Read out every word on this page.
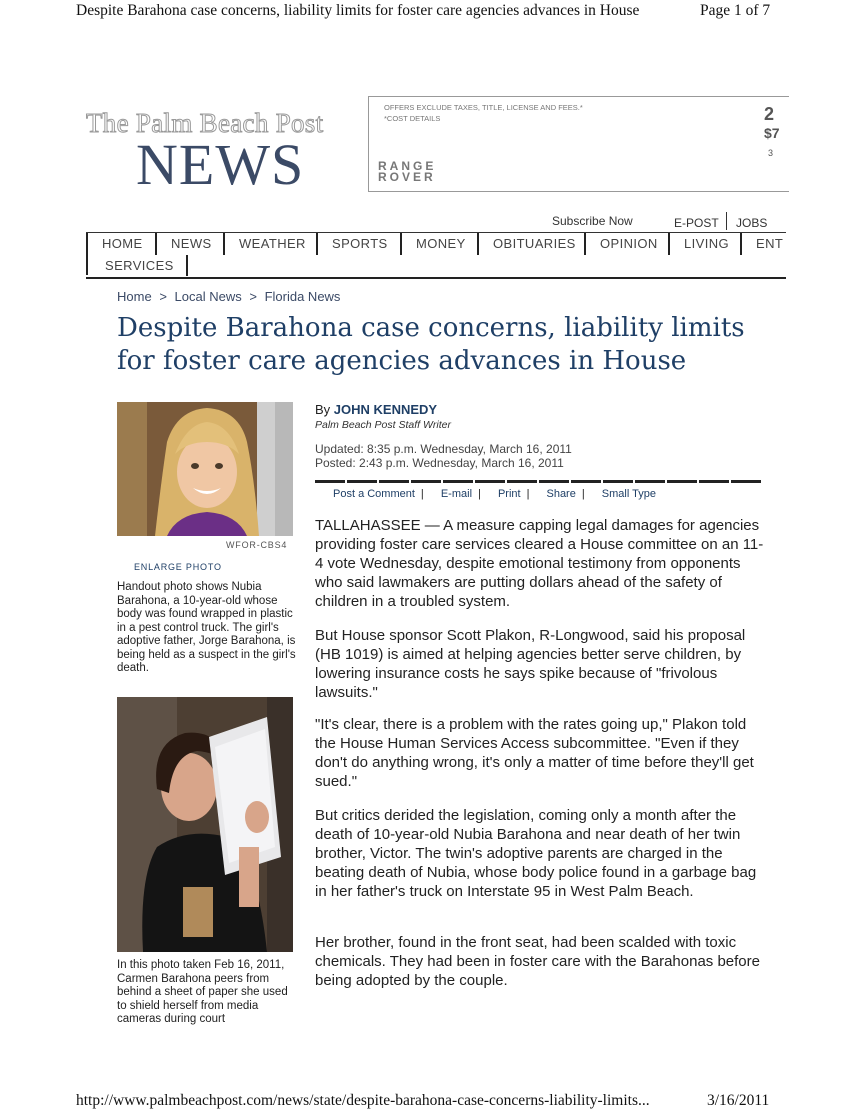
Despite Barahona case concerns, liability limits for foster care agencies advances in House	Page 1 of 7
http://www.palmbeachpost.com/news/state/despite-barahona-case-concerns-liability-limits...	3/16/2011
The Palm Beach Post
NEWS
OFFERS EXCLUDE TAXES, TITLE, LICENSE AND FEES.*
*COST DETAILS
RANGE
ROVER
2
$7
3
Subscribe Now	E-POST JOBS
HOME NEWS WEATHER SPORTS MONEY OBITUARIES OPINION LIVING ENT
SERVICES
Home > Local News > Florida News
Despite Barahona case concerns, liability limits for foster care agencies advances in House
WFOR-CBS4
ENLARGE PHOTO
Handout photo shows Nubia Barahona, a 10-year-old whose body was found wrapped in plastic in a pest control truck. The girl's adoptive father, Jorge Barahona, is being held as a suspect in the girl's death.
In this photo taken Feb 16, 2011, Carmen Barahona peers from behind a sheet of paper she used to shield herself from media cameras during court
By JOHN KENNEDY
Palm Beach Post Staff Writer
Updated: 8:35 p.m. Wednesday, March 16, 2011
Posted: 2:43 p.m. Wednesday, March 16, 2011
Post a Comment | E-mail | Print | Share | Small Type

TALLAHASSEE — A measure capping legal damages for agencies providing foster care services cleared a House committee on an 11-4 vote Wednesday, despite emotional testimony from opponents who said lawmakers are putting dollars ahead of the safety of children in a troubled system.

But House sponsor Scott Plakon, R-Longwood, said his proposal (HB 1019) is aimed at helping agencies better serve children, by lowering insurance costs he says spike because of "frivolous lawsuits."

"It's clear, there is a problem with the rates going up," Plakon told the House Human Services Access subcommittee. "Even if they don't do anything wrong, it's only a matter of time before they'll get sued."

But critics derided the legislation, coming only a month after the death of 10-year-old Nubia Barahona and near death of her twin brother, Victor. The twin's adoptive parents are charged in the beating death of Nubia, whose body police found in a garbage bag in her father's truck on Interstate 95 in West Palm Beach.

Her brother, found in the front seat, had been scalded with toxic chemicals. They had been in foster care with the Barahonas before being adopted by the couple.
